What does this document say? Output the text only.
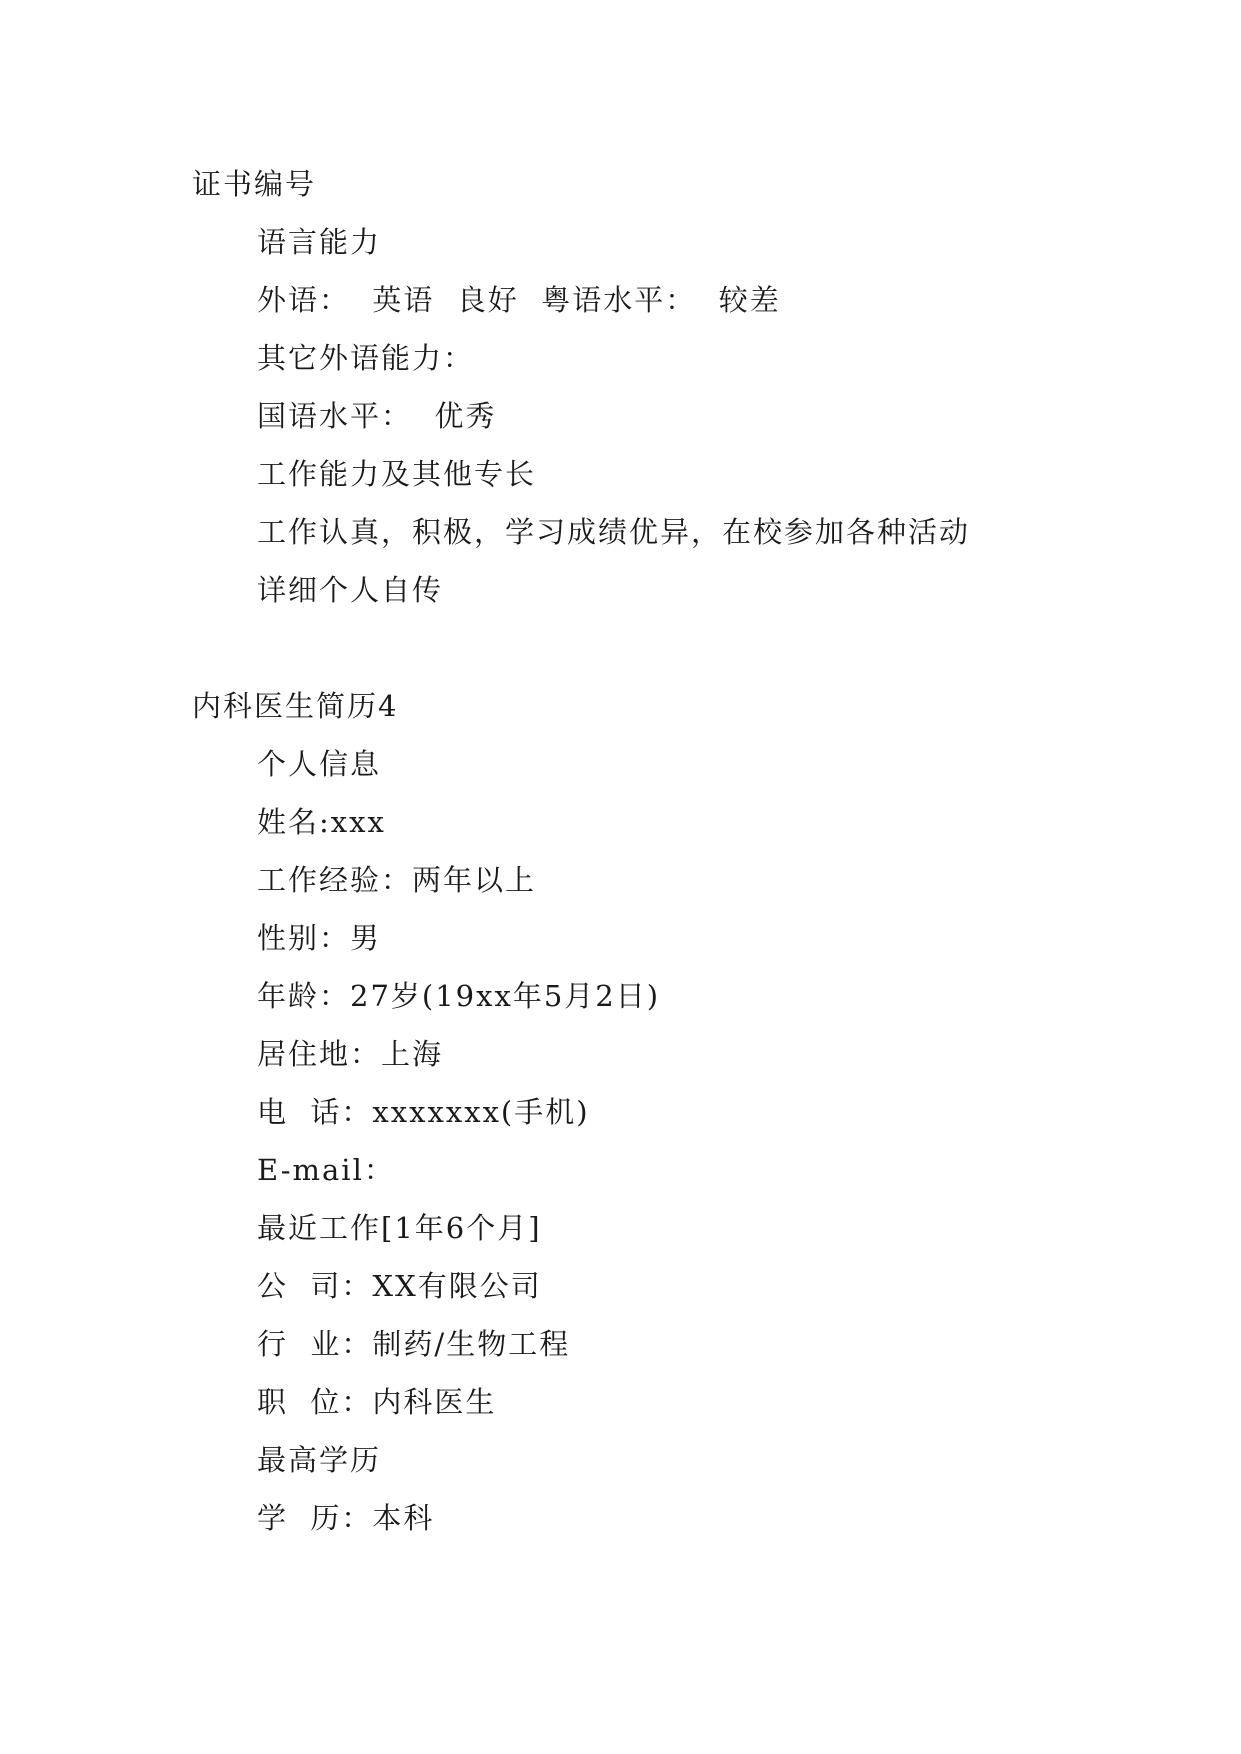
证书编号
语言能力
外语：  英语  良好  粤语水平：  较差
其它外语能力：
国语水平：  优秀
工作能力及其他专长
工作认真，积极，学习成绩优异，在校参加各种活动
详细个人自传
内科医生简历4
个人信息
姓名:xxx
工作经验：两年以上
性别：男
年龄：27岁(19xx年5月2日)
居住地：上海
电  话：xxxxxxx(手机)
E-mail：
最近工作[1年6个月]
公  司：XX有限公司
行  业：制药/生物工程
职  位：内科医生
最高学历
学  历：本科
